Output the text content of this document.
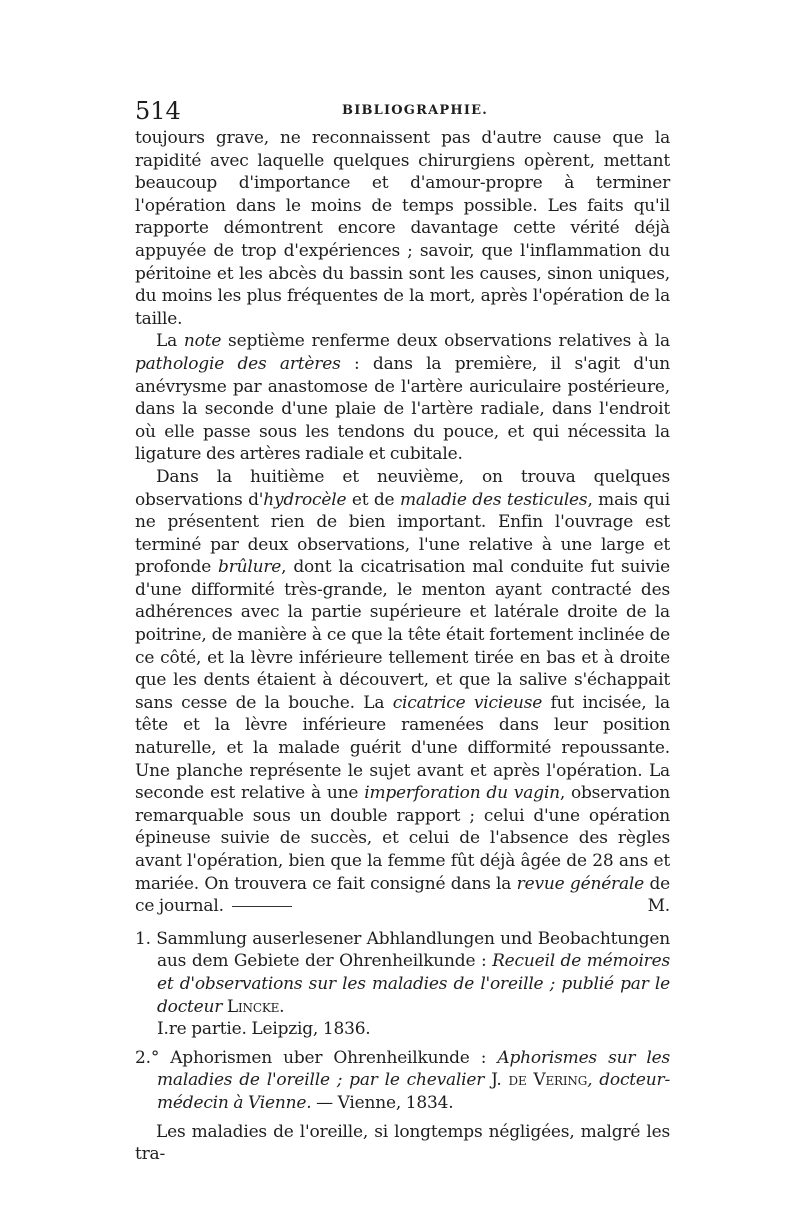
514	BIBLIOGRAPHIE.

toujours grave, ne reconnaissent pas d'autre cause que la rapidité avec laquelle quelques chirurgiens opèrent, mettant beaucoup d'importance et d'amour-propre à terminer l'opération dans le moins de temps possible. Les faits qu'il rapporte démontrent encore davantage cette vérité déjà appuyée de trop d'expériences ; savoir, que l'inflammation du péritoine et les abcès du bassin sont les causes, sinon uniques, du moins les plus fréquentes de la mort, après l'opération de la taille.

La note septième renferme deux observations relatives à la pathologie des artères : dans la première, il s'agit d'un anévrysme par anastomose de l'artère auriculaire postérieure, dans la seconde d'une plaie de l'artère radiale, dans l'endroit où elle passe sous les tendons du pouce, et qui nécessita la ligature des artères radiale et cubitale.

Dans la huitième et neuvième, on trouva quelques observations d'hydrocèle et de maladie des testicules, mais qui ne présentent rien de bien important. Enfin l'ouvrage est terminé par deux observations, l'une relative à une large et profonde brûlure, dont la cicatrisation mal conduite fut suivie d'une difformité très-grande, le menton ayant contracté des adhérences avec la partie supérieure et latérale droite de la poitrine, de manière à ce que la tête était fortement inclinée de ce côté, et la lèvre inférieure tellement tirée en bas et à droite que les dents étaient à découvert, et que la salive s'échappait sans cesse de la bouche. La cicatrice vicieuse fut incisée, la tête et la lèvre inférieure ramenées dans leur position naturelle, et la malade guérit d'une difformité repoussante. Une planche représente le sujet avant et après l'opération. La seconde est relative à une imperforation du vagin, observation remarquable sous un double rapport ; celui d'une opération épineuse suivie de succès, et celui de l'absence des règles avant l'opération, bien que la femme fût déjà âgée de 28 ans et mariée. On trouvera ce fait consigné dans la revue générale de ce journal.	M.

1. Sammlung auserlesener Abhlandlungen und Beobachtungen aus dem Gebiete der Ohrenheilkunde : Recueil de mémoires et d'observations sur les maladies de l'oreille ; publié par le docteur Lincke.
I.re partie. Leipzig, 1836.

2.° Aphorismen uber Ohrenheilkunde : Aphorismes sur les maladies de l'oreille ; par le chevalier J. de Vering, docteur-médecin à Vienne. — Vienne, 1834.

Les maladies de l'oreille, si longtemps négligées, malgré les tra-
